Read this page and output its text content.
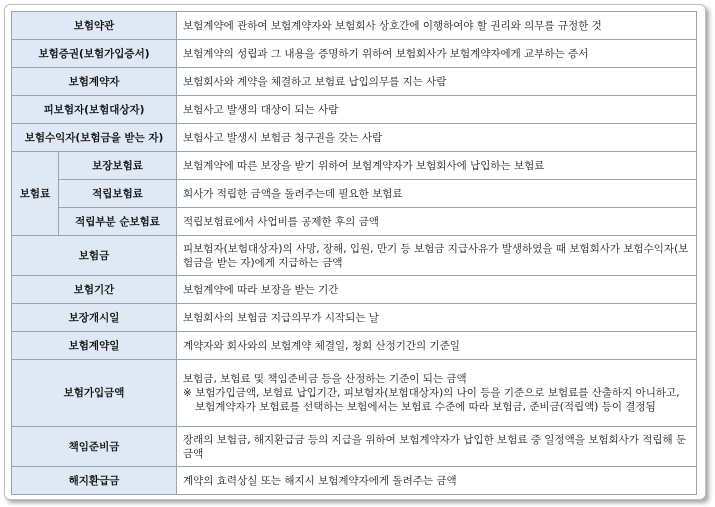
보험약관		보험계약에 관하여 보험계약자와 보험회사 상호간에 이행하여야 할 권리와 의무를 규정한 것
보험증권(보험가입증서)		보험계약의 성립과 그 내용을 증명하기 위하여 보험회사가 보험계약자에게 교부하는 증서
보험계약자		보험회사와 계약을 체결하고 보험료 납입의무를 지는 사람
피보험자(보험대상자)		보험사고 발생의 대상이 되는 사람
보험수익자(보험금을 받는 자)		보험사고 발생시 보험금 청구권을 갖는 사람
보험료	보장보험료	보험계약에 따른 보장을 받기 위하여 보험계약자가 보험회사에 납입하는 보험료
	적립보험료	회사가 적립한 금액을 돌려주는데 필요한 보험료
	적립부분 순보험료	적립보험료에서 사업비를 공제한 후의 금액
보험금		피보험자(보험대상자)의 사망, 장해, 입원, 만기 등 보험금 지급사유가 발생하였을 때 보험회사가 보험수익자(보험금을 받는 자)에게 지급하는 금액
보험기간		보험계약에 따라 보장을 받는 기간
보장개시일		보험회사의 보험금 지급의무가 시작되는 날
보험계약일		계약자와 회사와의 보험계약 체결일, 청회 산정기간의 기준일
보험가입금액		보험금, 보험료 및 책임준비금 등을 산정하는 기준이 되는 금액
※ 보험가입금액, 보험료 납입기간, 피보험자(보험대상자)의 나이 등을 기준으로 보험료를 산출하지 아니하고, 보험계약자가 보험료를 선택하는 보험에서는 보험료 수준에 따라 보험금, 준비금(적립액) 등이 결정됨

책임준비금		장래의 보험금, 해지환급금 등의 지급을 위하여 보험계약자가 납입한 보험료 중 일정액을 보험회사가 적립해 둔 금액
해지환급금		계약의 효력상실 또는 해지시 보험계약자에게 돌려주는 금액
